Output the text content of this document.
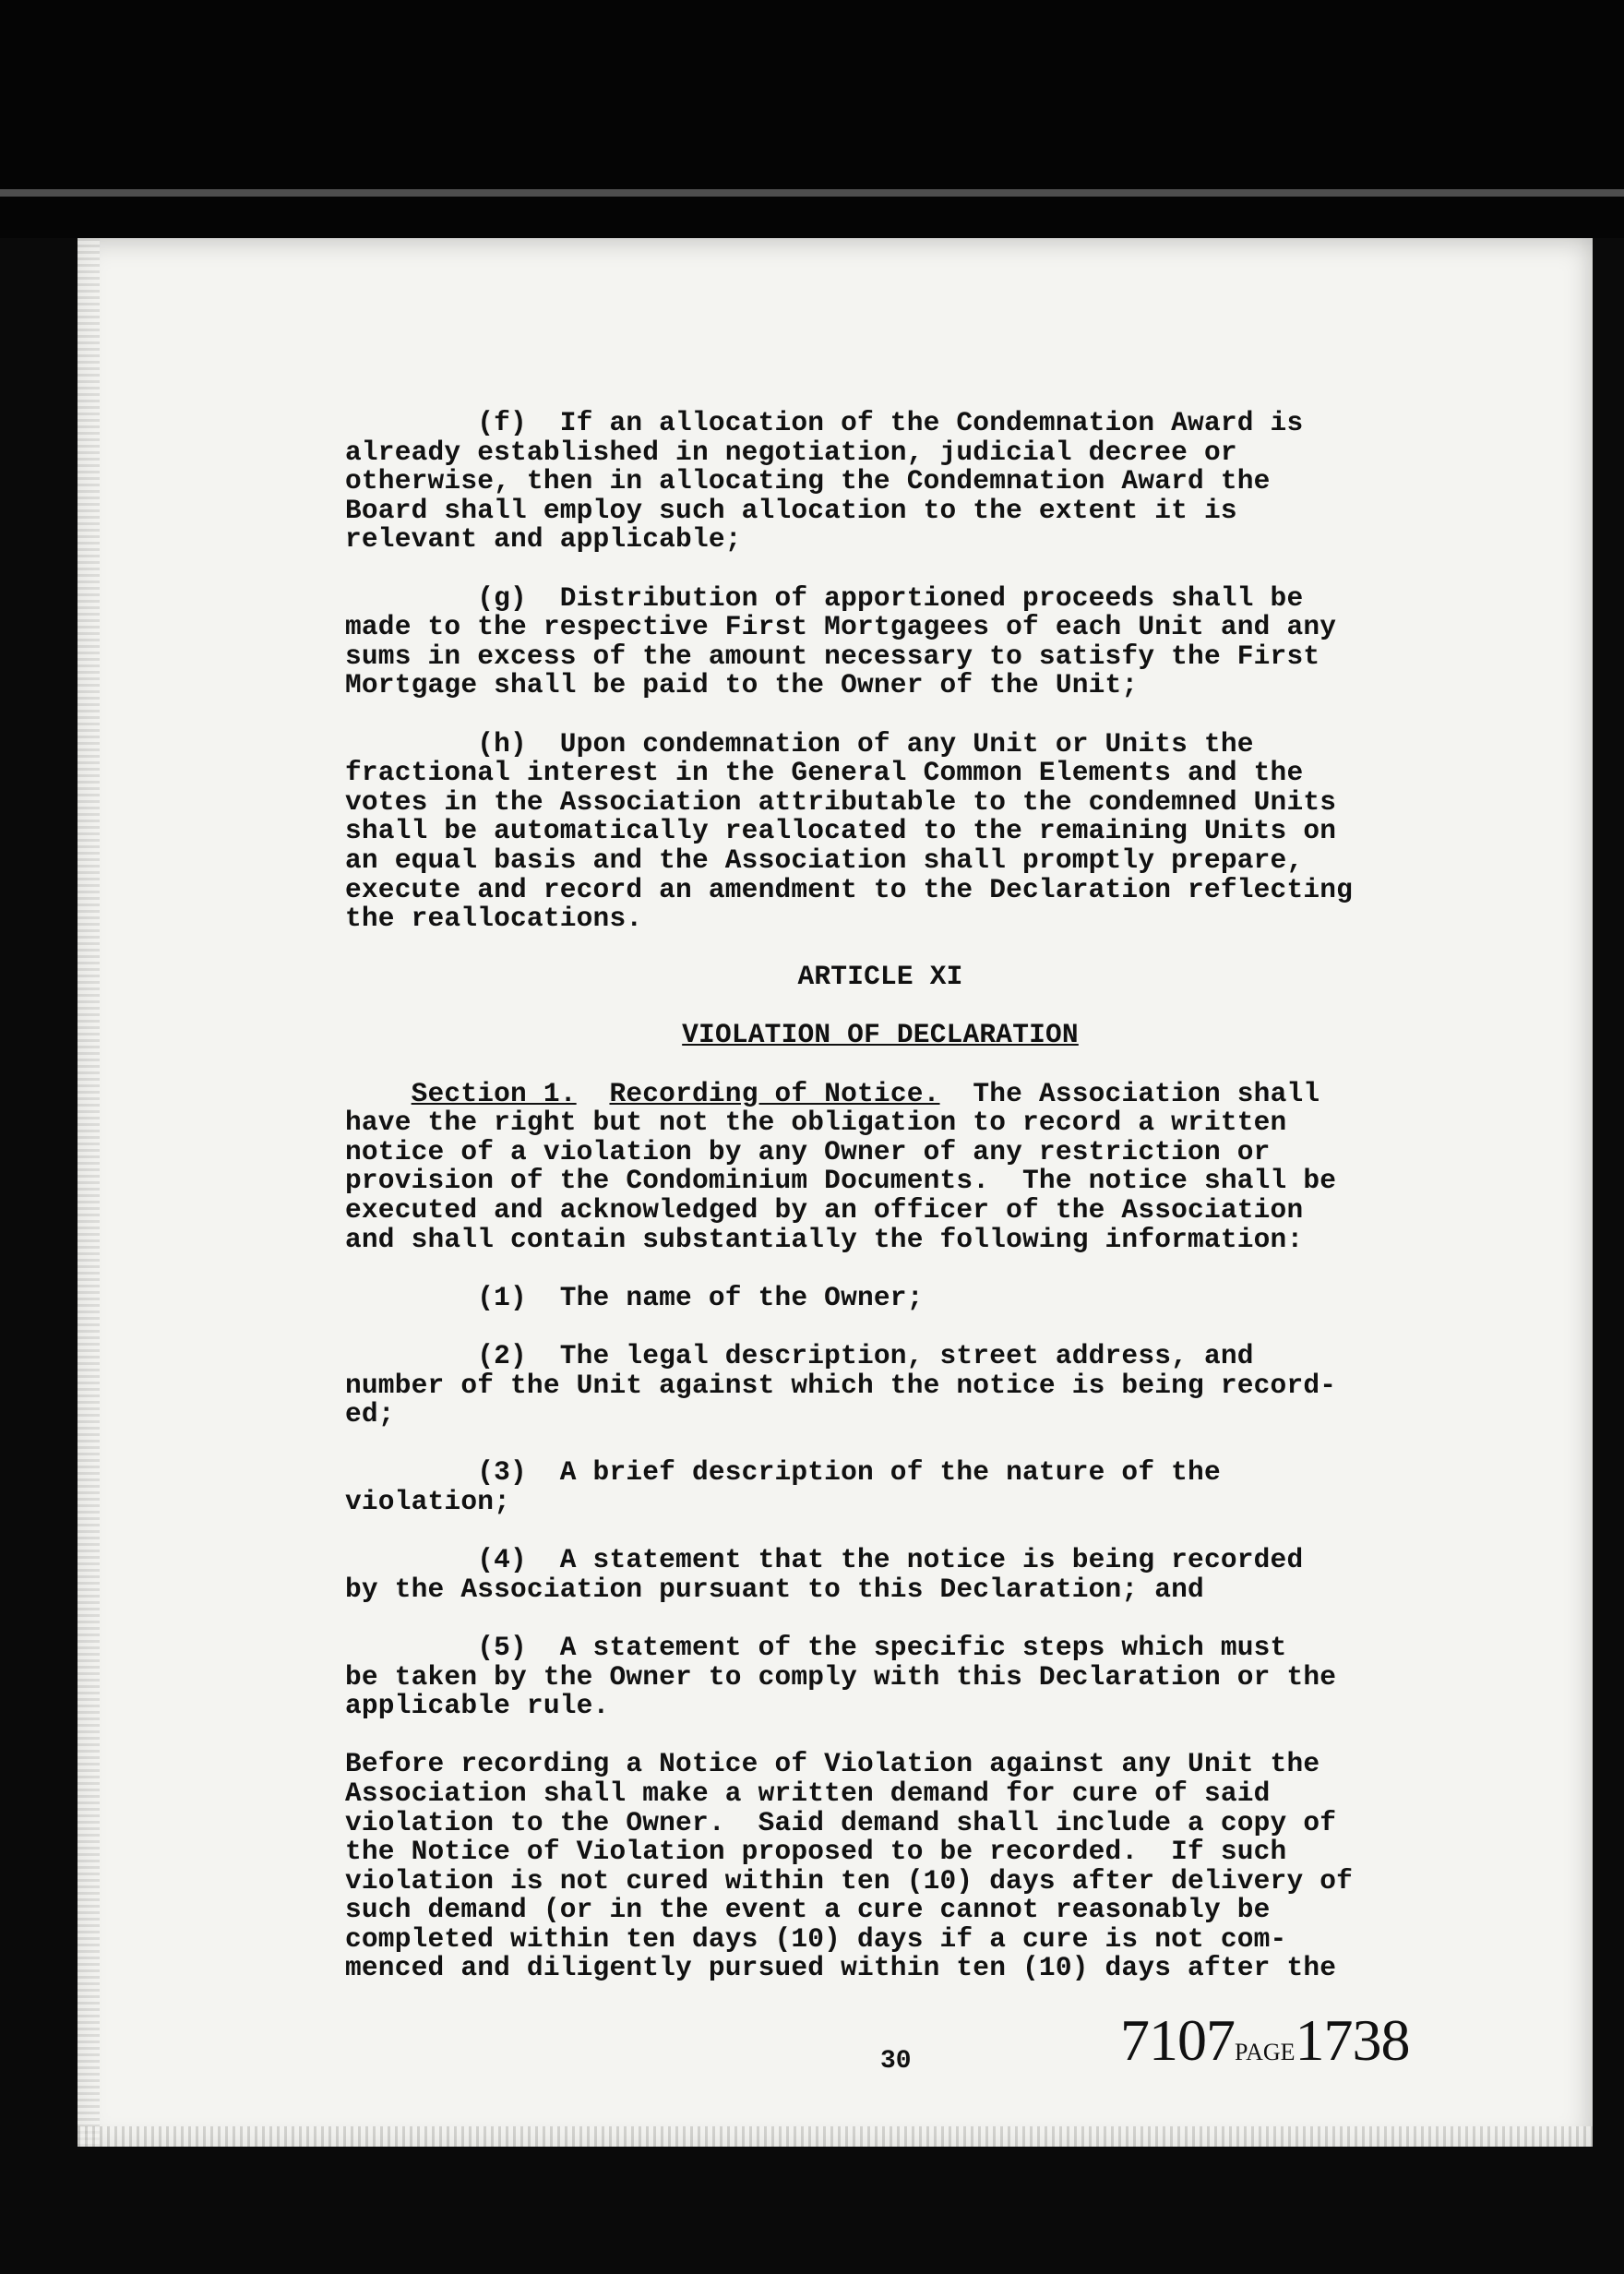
(f)  If an allocation of the Condemnation Award is
already established in negotiation, judicial decree or
otherwise, then in allocating the Condemnation Award the
Board shall employ such allocation to the extent it is
relevant and applicable;
(g)  Distribution of apportioned proceeds shall be
made to the respective First Mortgagees of each Unit and any
sums in excess of the amount necessary to satisfy the First
Mortgage shall be paid to the Owner of the Unit;
(h)  Upon condemnation of any Unit or Units the
fractional interest in the General Common Elements and the
votes in the Association attributable to the condemned Units
shall be automatically reallocated to the remaining Units on
an equal basis and the Association shall promptly prepare,
execute and record an amendment to the Declaration reflecting
the reallocations.
ARTICLE XI
VIOLATION OF DECLARATION
Section 1. Recording of Notice.  The Association shall
have the right but not the obligation to record a written
notice of a violation by any Owner of any restriction or
provision of the Condominium Documents.  The notice shall be
executed and acknowledged by an officer of the Association
and shall contain substantially the following information:
(1)  The name of the Owner;
(2)  The legal description, street address, and
number of the Unit against which the notice is being record-
ed;
(3)  A brief description of the nature of the
violation;
(4)  A statement that the notice is being recorded
by the Association pursuant to this Declaration; and
(5)  A statement of the specific steps which must
be taken by the Owner to comply with this Declaration or the
applicable rule.
Before recording a Notice of Violation against any Unit the
Association shall make a written demand for cure of said
violation to the Owner.  Said demand shall include a copy of
the Notice of Violation proposed to be recorded.  If such
violation is not cured within ten (10) days after delivery of
such demand (or in the event a cure cannot reasonably be
completed within ten days (10) days if a cure is not com-
menced and diligently pursued within ten (10) days after the
30	7107PAGE1738
